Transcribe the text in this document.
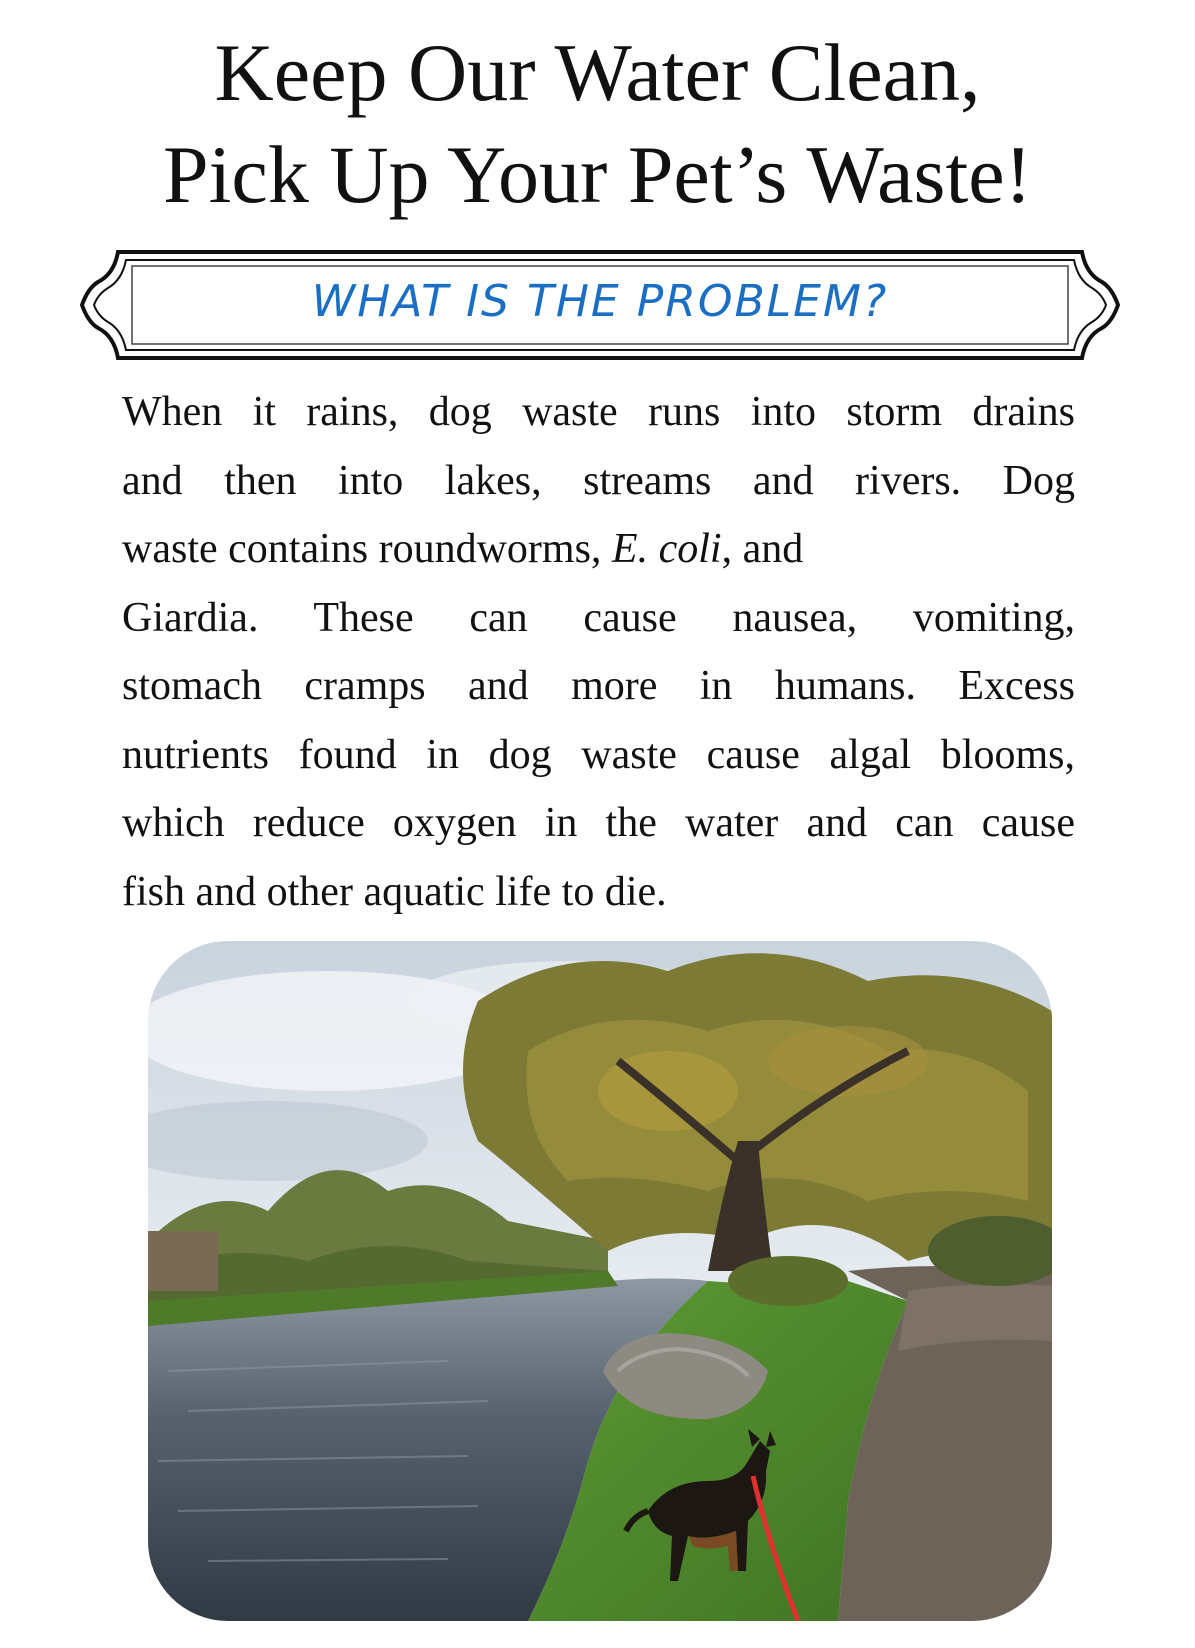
Keep Our Water Clean,
Pick Up Your Pet’s Waste!
WHAT IS THE PROBLEM?

When it rains, dog waste runs into storm drains
and then into lakes, streams and rivers. Dog
waste contains roundworms, E. coli, and
Giardia. These can cause nausea, vomiting,
stomach cramps and more in humans. Excess
nutrients found in dog waste cause algal blooms,
which reduce oxygen in the water and can cause
fish and other aquatic life to die.
